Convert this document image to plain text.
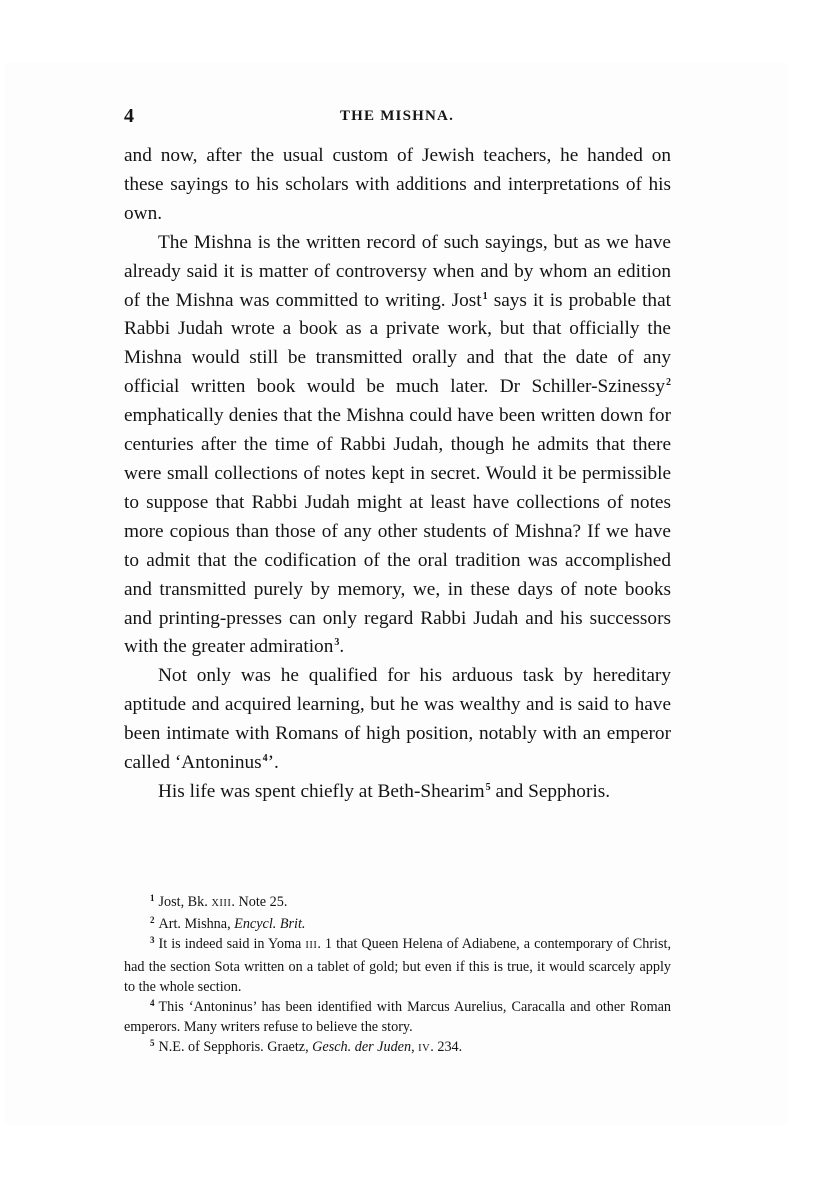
4	THE MISHNA.

and now, after the usual custom of Jewish teachers, he handed on these sayings to his scholars with additions and interpretations of his own.

The Mishna is the written record of such sayings, but as we have already said it is matter of controversy when and by whom an edition of the Mishna was committed to writing. Jost$^1$ says it is probable that Rabbi Judah wrote a book as a private work, but that officially the Mishna would still be transmitted orally and that the date of any official written book would be much later. Dr Schiller-Szinessy$^2$ emphatically denies that the Mishna could have been written down for centuries after the time of Rabbi Judah, though he admits that there were small collections of notes kept in secret. Would it be permissible to suppose that Rabbi Judah might at least have collections of notes more copious than those of any other students of Mishna? If we have to admit that the codification of the oral tradition was accomplished and transmitted purely by memory, we, in these days of note books and printing-presses can only regard Rabbi Judah and his successors with the greater admiration$^3$.

Not only was he qualified for his arduous task by hereditary aptitude and acquired learning, but he was wealthy and is said to have been intimate with Romans of high position, notably with an emperor called ‘Antoninus$^4$’.

His life was spent chiefly at Beth-Shearim$^5$ and Sepphoris.

$^1$ Jost, Bk. XIII. Note 25.

$^2$ Art. Mishna, Encycl. Brit.

$^3$ It is indeed said in Yoma III. 1 that Queen Helena of Adiabene, a contemporary of Christ, had the section Sota written on a tablet of gold; but even if this is true, it would scarcely apply to the whole section.

$^4$ This ‘Antoninus’ has been identified with Marcus Aurelius, Caracalla and other Roman emperors. Many writers refuse to believe the story.

$^5$ N.E. of Sepphoris. Graetz, Gesch. der Juden, IV. 234.
